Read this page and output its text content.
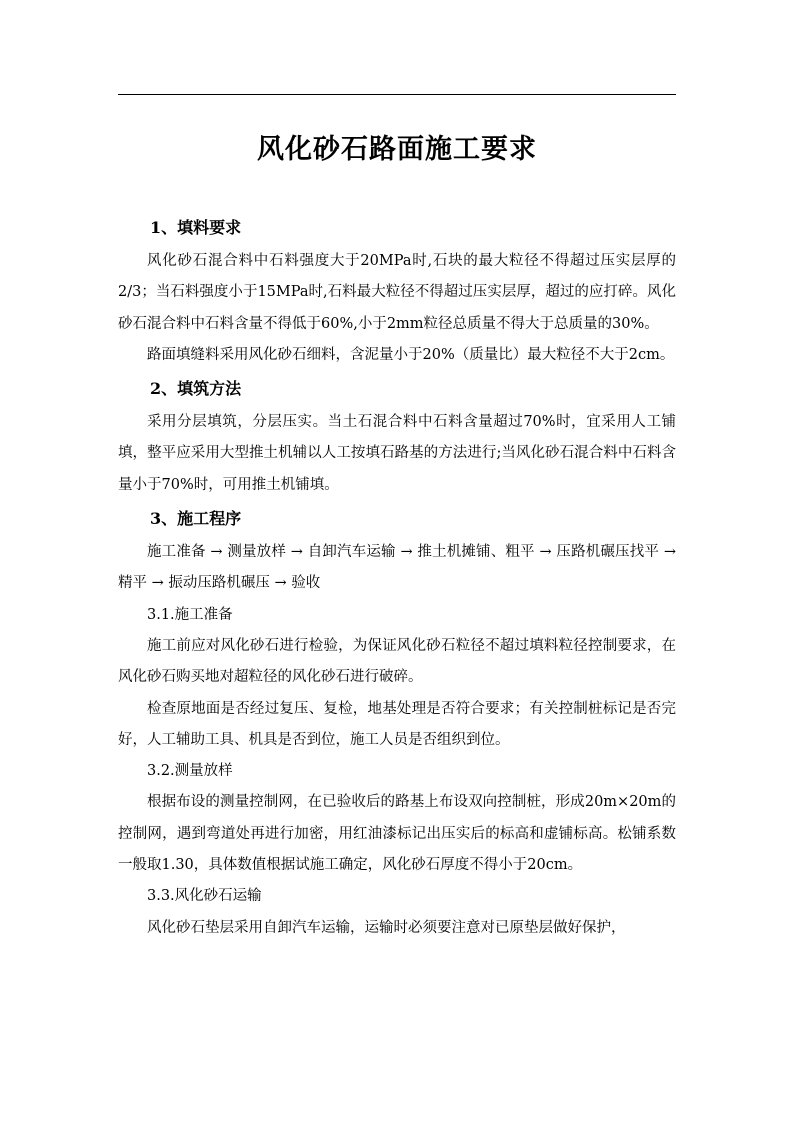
风化砂石路面施工要求
1、填料要求

风化砂石混合料中石料强度大于20MPa时,石块的最大粒径不得超过压实层厚的2/3；当石料强度小于15MPa时,石料最大粒径不得超过压实层厚，超过的应打碎。风化砂石混合料中石料含量不得低于60%,小于2mm粒径总质量不得大于总质量的30%。

路面填缝料采用风化砂石细料，含泥量小于20%（质量比）最大粒径不大于2cm。

2、填筑方法

采用分层填筑，分层压实。当土石混合料中石料含量超过70%时，宜采用人工铺填，整平应采用大型推土机辅以人工按填石路基的方法进行;当风化砂石混合料中石料含量小于70%时，可用推土机铺填。

3、施工程序

施工准备 → 测量放样 → 自卸汽车运输 → 推土机摊铺、粗平 → 压路机碾压找平 → 精平 → 振动压路机碾压 → 验收

3.1.施工准备

施工前应对风化砂石进行检验，为保证风化砂石粒径不超过填料粒径控制要求，在风化砂石购买地对超粒径的风化砂石进行破碎。

检查原地面是否经过复压、复检，地基处理是否符合要求；有关控制桩标记是否完好，人工辅助工具、机具是否到位，施工人员是否组织到位。

3.2.测量放样

根据布设的测量控制网，在已验收后的路基上布设双向控制桩，形成20m×20m的控制网，遇到弯道处再进行加密，用红油漆标记出压实后的标高和虚铺标高。松铺系数一般取1.30，具体数值根据试施工确定，风化砂石厚度不得小于20cm。

3.3.风化砂石运输

风化砂石垫层采用自卸汽车运输，运输时必须要注意对已原垫层做好保护，
